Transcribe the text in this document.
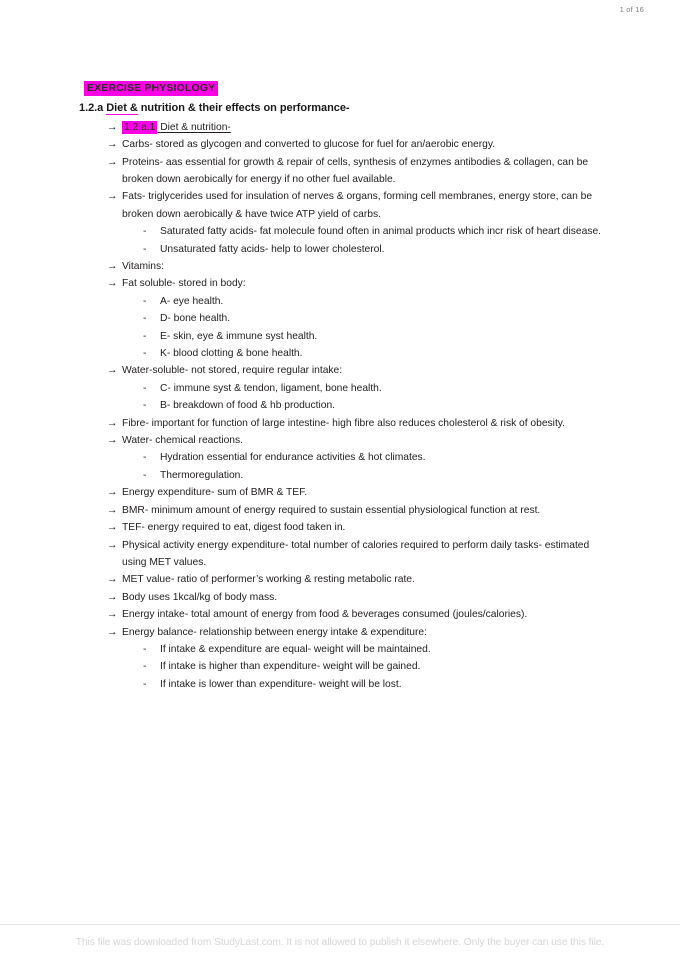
1 of 16
EXERCISE PHYSIOLOGY
1.2.a Diet & nutrition & their effects on performance-
→ 1.2.a.1 Diet & nutrition-
→ Carbs- stored as glycogen and converted to glucose for fuel for an/aerobic energy.
→ Proteins- aas essential for growth & repair of cells, synthesis of enzymes antibodies & collagen, can be broken down aerobically for energy if no other fuel available.
→ Fats- triglycerides used for insulation of nerves & organs, forming cell membranes, energy store, can be broken down aerobically & have twice ATP yield of carbs.
- Saturated fatty acids- fat molecule found often in animal products which incr risk of heart disease.
- Unsaturated fatty acids- help to lower cholesterol.
→ Vitamins:
→ Fat soluble- stored in body:
- A- eye health.
- D- bone health.
- E- skin, eye & immune syst health.
- K- blood clotting & bone health.
→ Water-soluble- not stored, require regular intake:
- C- immune syst & tendon, ligament, bone health.
- B- breakdown of food & hb production.
→ Fibre- important for function of large intestine- high fibre also reduces cholesterol & risk of obesity.
→ Water- chemical reactions.
- Hydration essential for endurance activities & hot climates.
- Thermoregulation.
→ Energy expenditure- sum of BMR & TEF.
→ BMR- minimum amount of energy required to sustain essential physiological function at rest.
→ TEF- energy required to eat, digest food taken in.
→ Physical activity energy expenditure- total number of calories required to perform daily tasks- estimated using MET values.
→ MET value- ratio of performer’s working & resting metabolic rate.
→ Body uses 1kcal/kg of body mass.
→ Energy intake- total amount of energy from food & beverages consumed (joules/calories).
→ Energy balance- relationship between energy intake & expenditure:
- If intake & expenditure are equal- weight will be maintained.
- If intake is higher than expenditure- weight will be gained.
- If intake is lower than expenditure- weight will be lost.
This file was downloaded from StudyLast.com. It is not allowed to publish it elsewhere. Only the buyer can use this file.
